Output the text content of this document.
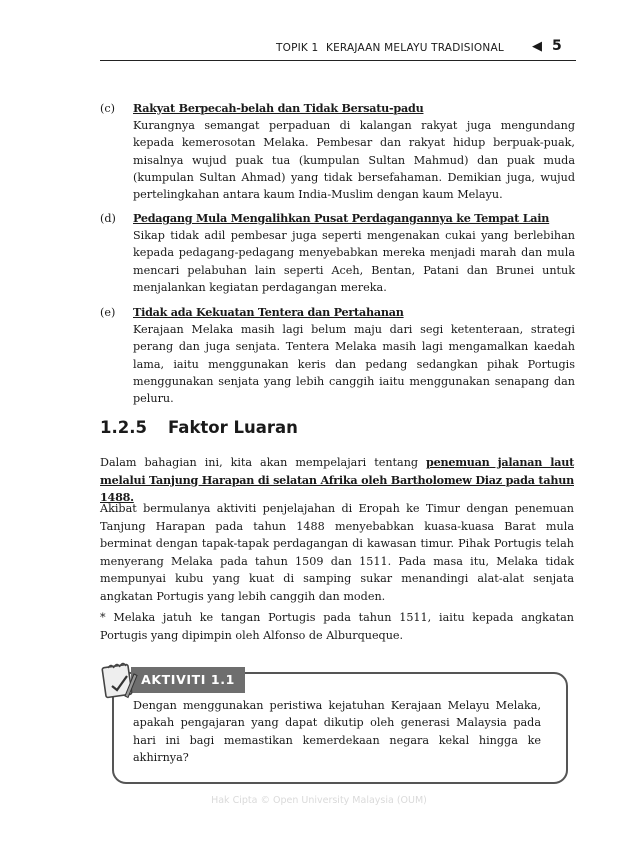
TOPIK 1 KERAJAAN MELAYU TRADISIONAL ◀ 5
(c) Rakyat Berpecah-belah dan Tidak Bersatu-padu
Kurangnya semangat perpaduan di kalangan rakyat juga mengundang kepada kemerosotan Melaka. Pembesar dan rakyat hidup berpuak-puak, misalnya wujud puak tua (kumpulan Sultan Mahmud) dan puak muda (kumpulan Sultan Ahmad) yang tidak bersefahaman. Demikian juga, wujud pertelingkahan antara kaum India-Muslim dengan kaum Melayu.
(d) Pedagang Mula Mengalihkan Pusat Perdagangannya ke Tempat Lain
Sikap tidak adil pembesar juga seperti mengenakan cukai yang berlebihan kepada pedagang-pedagang menyebabkan mereka menjadi marah dan mula mencari pelabuhan lain seperti Aceh, Bentan, Patani dan Brunei untuk menjalankan kegiatan perdagangan mereka.
(e) Tidak ada Kekuatan Tentera dan Pertahanan
Kerajaan Melaka masih lagi belum maju dari segi ketenteraan, strategi perang dan juga senjata. Tentera Melaka masih lagi mengamalkan kaedah lama, iaitu menggunakan keris dan pedang sedangkan pihak Portugis menggunakan senjata yang lebih canggih iaitu menggunakan senapang dan peluru.
1.2.5 Faktor Luaran
Dalam bahagian ini, kita akan mempelajari tentang penemuan jalanan laut melalui Tanjung Harapan di selatan Afrika oleh Bartholomew Diaz pada tahun 1488.
Akibat bermulanya aktiviti penjelajahan di Eropah ke Timur dengan penemuan Tanjung Harapan pada tahun 1488 menyebabkan kuasa-kuasa Barat mula berminat dengan tapak-tapak perdagangan di kawasan timur. Pihak Portugis telah menyerang Melaka pada tahun 1509 dan 1511. Pada masa itu, Melaka tidak mempunyai kubu yang kuat di samping sukar menandingi alat-alat senjata angkatan Portugis yang lebih canggih dan moden.
* Melaka jatuh ke tangan Portugis pada tahun 1511, iaitu kepada angkatan Portugis yang dipimpin oleh Alfonso de Alburqueque.
AKTIVITI 1.1
Dengan menggunakan peristiwa kejatuhan Kerajaan Melayu Melaka, apakah pengajaran yang dapat dikutip oleh generasi Malaysia pada hari ini bagi memastikan kemerdekaan negara kekal hingga ke akhirnya?
Hak Cipta © Open University Malaysia (OUM)
